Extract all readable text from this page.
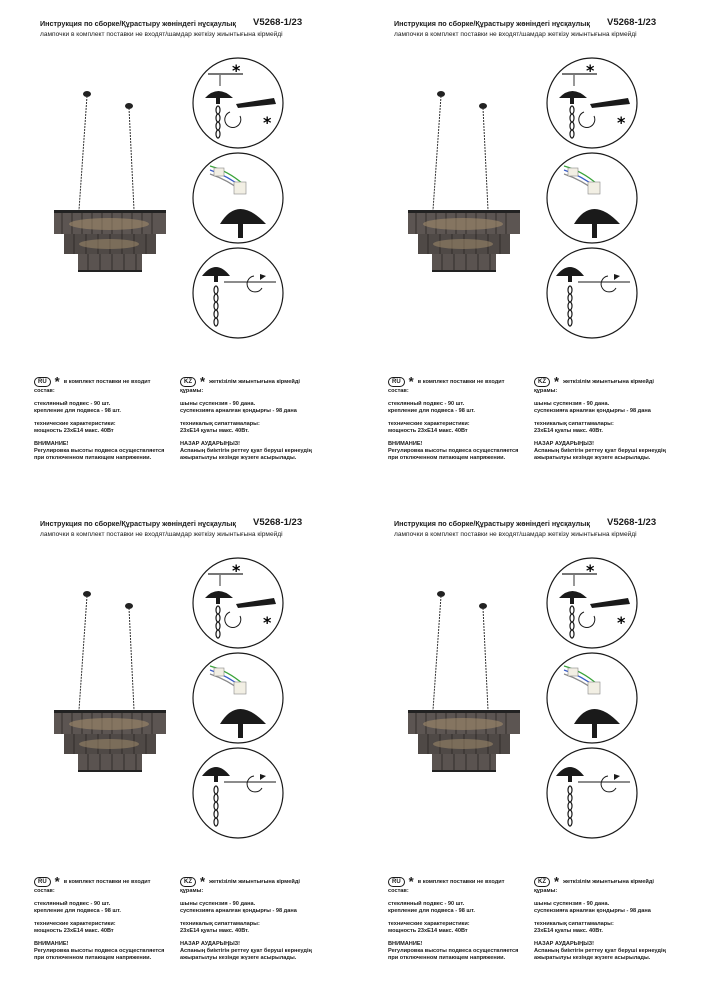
Инструкция по сборке/Құрастыру жөніндегі нұсқаулық V5268-1/23
лампочки в комплект поставки не входят/шамдар жеткізу жиынтығына кірмейді
*
*
RU * в комплект поставки не входит
состав:
стеклянный подвес - 90 шт.
крепление для подвеса - 98 шт.
технические характеристики:
мощность 23хЕ14 макс. 40Вт
ВНИМАНИЕ!
Регулировка высоты подвеса осуществляется
при отключенном питающем напряжении.
KZ * жеткізілім жиынтығына кірмейді
құрамы:
шыны суспензия - 90 дана.
суспензияға арналған қондырғы - 98 дана
техникалық сипаттамалары:
23хЕ14 қуаты макс. 40Вт.
НАЗАР АУДАРЫҢЫЗ!
Аспаның биіктігін реттеу қуат беруші кернеудің
ажыратылуы кезінде жүзеге асырылады.
Инструкция по сборке/Құрастыру жөніндегі нұсқаулық V5268-1/23
лампочки в комплект поставки не входят/шамдар жеткізу жиынтығына кірмейді
*
*
RU * в комплект поставки не входит
состав:
стеклянный подвес - 90 шт.
крепление для подвеса - 98 шт.
технические характеристики:
мощность 23хЕ14 макс. 40Вт
ВНИМАНИЕ!
Регулировка высоты подвеса осуществляется
при отключенном питающем напряжении.
KZ * жеткізілім жиынтығына кірмейді
құрамы:
шыны суспензия - 90 дана.
суспензияға арналған қондырғы - 98 дана
техникалық сипаттамалары:
23хЕ14 қуаты макс. 40Вт.
НАЗАР АУДАРЫҢЫЗ!
Аспаның биіктігін реттеу қуат беруші кернеудің
ажыратылуы кезінде жүзеге асырылады.
Инструкция по сборке/Құрастыру жөніндегі нұсқаулық V5268-1/23
лампочки в комплект поставки не входят/шамдар жеткізу жиынтығына кірмейді
*
*
RU * в комплект поставки не входит
состав:
стеклянный подвес - 90 шт.
крепление для подвеса - 98 шт.
технические характеристики:
мощность 23хЕ14 макс. 40Вт
ВНИМАНИЕ!
Регулировка высоты подвеса осуществляется
при отключенном питающем напряжении.
KZ * жеткізілім жиынтығына кірмейді
құрамы:
шыны суспензия - 90 дана.
суспензияға арналған қондырғы - 98 дана
техникалық сипаттамалары:
23хЕ14 қуаты макс. 40Вт.
НАЗАР АУДАРЫҢЫЗ!
Аспаның биіктігін реттеу қуат беруші кернеудің
ажыратылуы кезінде жүзеге асырылады.
Инструкция по сборке/Құрастыру жөніндегі нұсқаулық V5268-1/23
лампочки в комплект поставки не входят/шамдар жеткізу жиынтығына кірмейді
*
*
RU * в комплект поставки не входит
состав:
стеклянный подвес - 90 шт.
крепление для подвеса - 98 шт.
технические характеристики:
мощность 23хЕ14 макс. 40Вт
ВНИМАНИЕ!
Регулировка высоты подвеса осуществляется
при отключенном питающем напряжении.
KZ * жеткізілім жиынтығына кірмейді
құрамы:
шыны суспензия - 90 дана.
суспензияға арналған қондырғы - 98 дана
техникалық сипаттамалары:
23хЕ14 қуаты макс. 40Вт.
НАЗАР АУДАРЫҢЫЗ!
Аспаның биіктігін реттеу қуат беруші кернеудің
ажыратылуы кезінде жүзеге асырылады.
